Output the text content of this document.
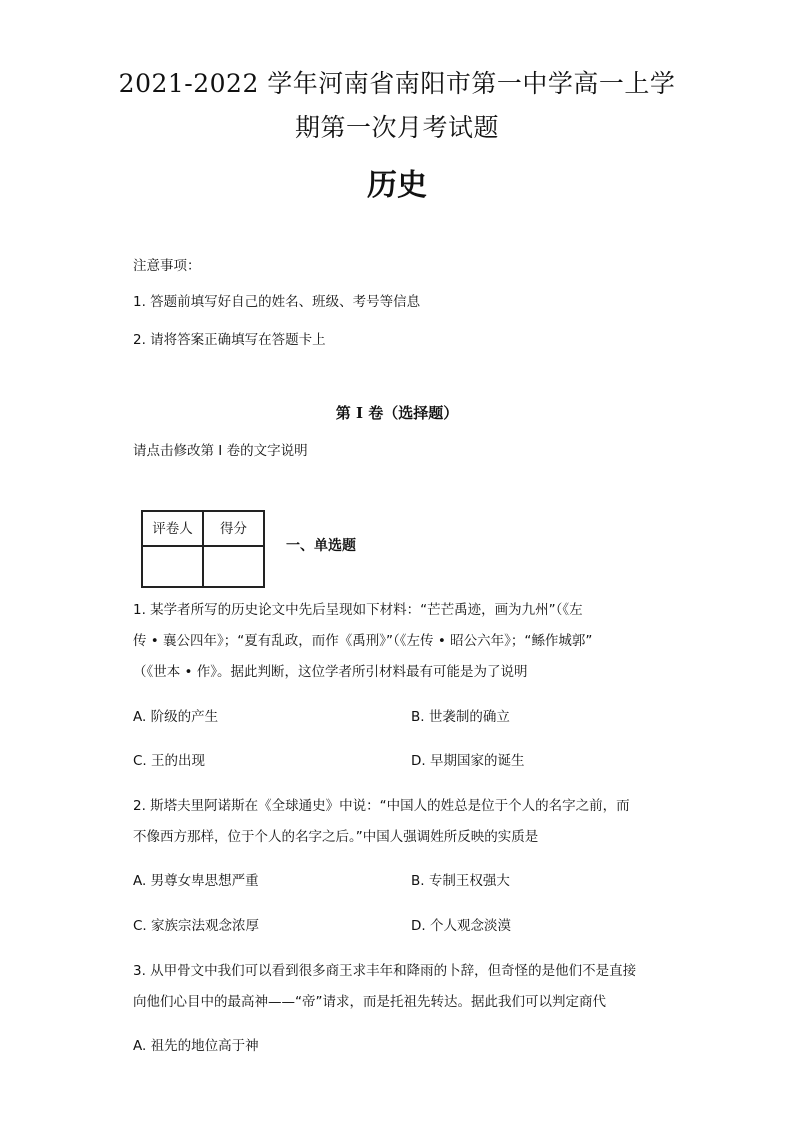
2021-2022 学年河南省南阳市第一中学高一上学
期第一次月考试题
历史
注意事项：
1. 答题前填写好自己的姓名、班级、考号等信息
2. 请将答案正确填写在答题卡上
第 I 卷（选择题）
请点击修改第 I 卷的文字说明
评卷人	得分

一、单选题
1. 某学者所写的历史论文中先后呈现如下材料：“芒芒禹迹，画为九州”（《左
传 • 襄公四年》；“夏有乱政，而作《禹刑》”（《左传 • 昭公六年》；“鲧作城郭”
（《世本 • 作》。据此判断，这位学者所引材料最有可能是为了说明
A. 阶级的产生	B. 世袭制的确立
C. 王的出现	D. 早期国家的诞生
2. 斯塔夫里阿诺斯在《全球通史》中说：“中国人的姓总是位于个人的名字之前，而
不像西方那样，位于个人的名字之后。”中国人强调姓所反映的实质是
A. 男尊女卑思想严重	B. 专制王权强大
C. 家族宗法观念浓厚	D. 个人观念淡漠
3. 从甲骨文中我们可以看到很多商王求丰年和降雨的卜辞，但奇怪的是他们不是直接
向他们心目中的最高神——“帝”请求，而是托祖先转达。据此我们可以判定商代
A. 祖先的地位高于神
